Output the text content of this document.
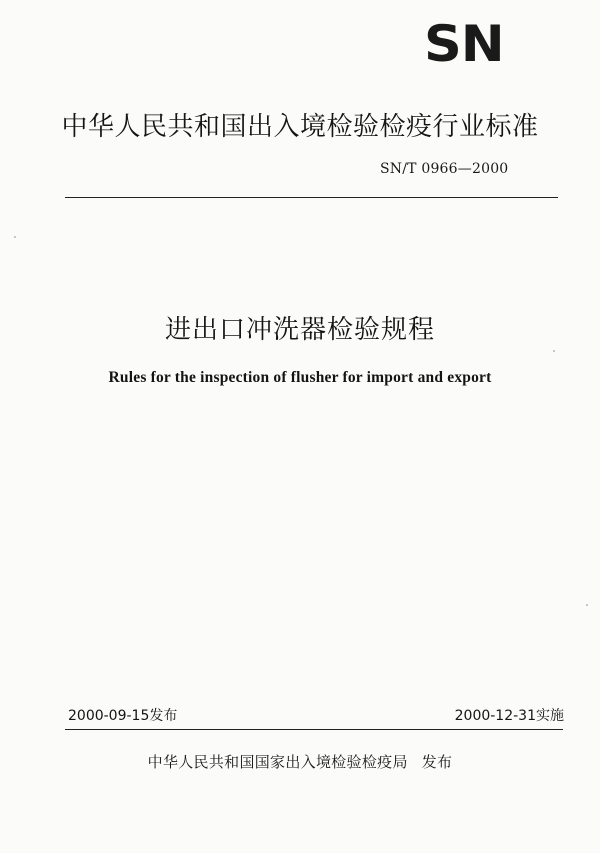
SN
中华人民共和国出入境检验检疫行业标准
SN/T 0966—2000
进出口冲洗器检验规程
Rules for the inspection of flusher for import and export
2000-09-15发布	2000-12-31实施
中华人民共和国国家出入境检验检疫局 发布
